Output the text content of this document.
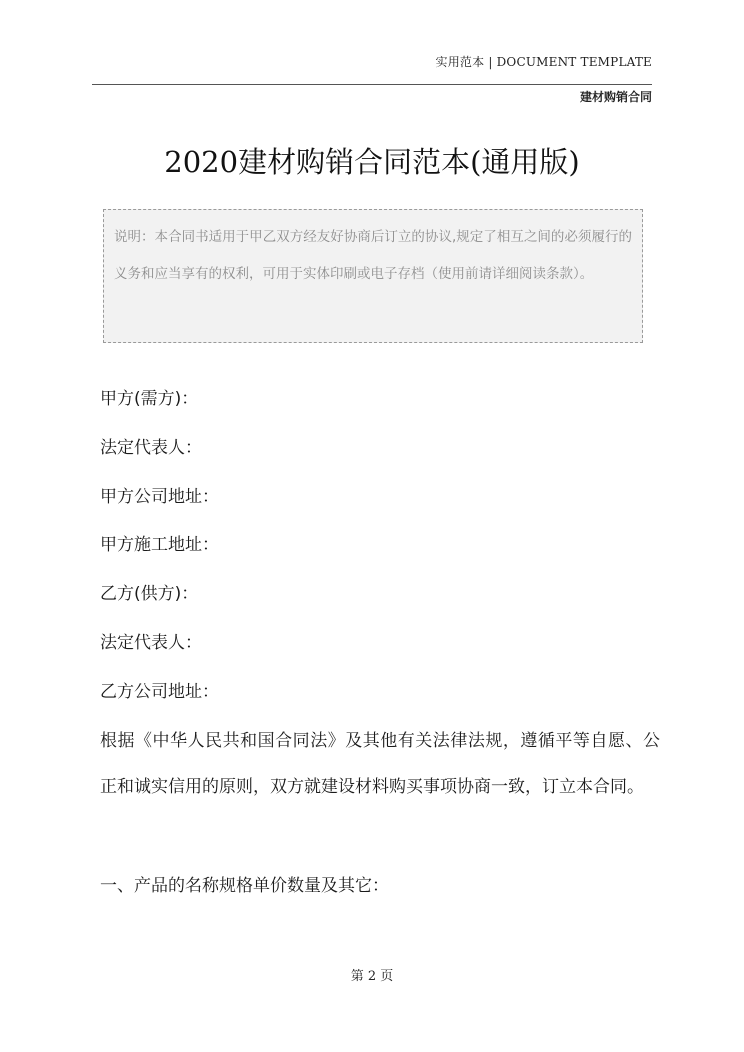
实用范本 | DOCUMENT TEMPLATE
建材购销合同
2020建材购销合同范本(通用版)
说明：本合同书适用于甲乙双方经友好协商后订立的协议,规定了相互之间的必须履行的义务和应当享有的权利，可用于实体印刷或电子存档（使用前请详细阅读条款）。
甲方(需方)：
法定代表人：
甲方公司地址：
甲方施工地址：
乙方(供方)：
法定代表人：
乙方公司地址：
根据《中华人民共和国合同法》及其他有关法律法规，遵循平等自愿、公正和诚实信用的原则，双方就建设材料购买事项协商一致，订立本合同。
一、产品的名称规格单价数量及其它：
第 2 页
